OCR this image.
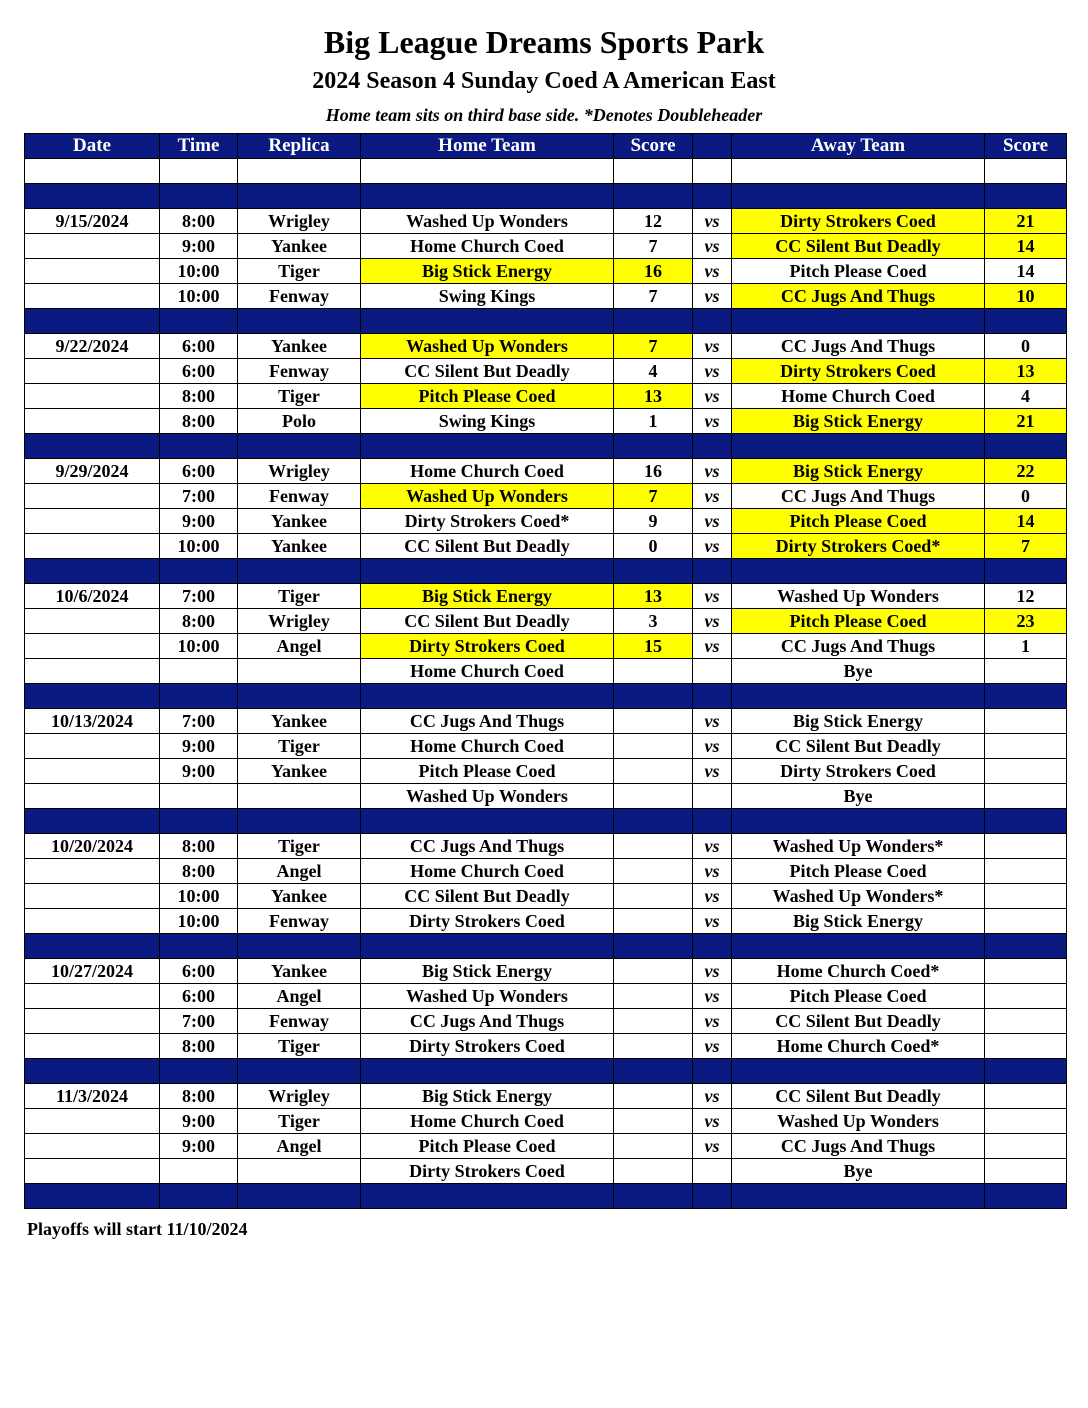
Big League Dreams Sports Park
2024 Season 4 Sunday Coed A American East
Home team sits on third base side. *Denotes Doubleheader
Date	Time	Replica	Home Team	Score		Away Team	Score

9/15/2024	8:00	Wrigley	Washed Up Wonders	12	vs	Dirty Strokers Coed	21
	9:00	Yankee	Home Church Coed	7	vs	CC Silent But Deadly	14
	10:00	Tiger	Big Stick Energy	16	vs	Pitch Please Coed	14
	10:00	Fenway	Swing Kings	7	vs	CC Jugs And Thugs	10

9/22/2024	6:00	Yankee	Washed Up Wonders	7	vs	CC Jugs And Thugs	0
	6:00	Fenway	CC Silent But Deadly	4	vs	Dirty Strokers Coed	13
	8:00	Tiger	Pitch Please Coed	13	vs	Home Church Coed	4
	8:00	Polo	Swing Kings	1	vs	Big Stick Energy	21

9/29/2024	6:00	Wrigley	Home Church Coed	16	vs	Big Stick Energy	22
	7:00	Fenway	Washed Up Wonders	7	vs	CC Jugs And Thugs	0
	9:00	Yankee	Dirty Strokers Coed*	9	vs	Pitch Please Coed	14
	10:00	Yankee	CC Silent But Deadly	0	vs	Dirty Strokers Coed*	7

10/6/2024	7:00	Tiger	Big Stick Energy	13	vs	Washed Up Wonders	12
	8:00	Wrigley	CC Silent But Deadly	3	vs	Pitch Please Coed	23
	10:00	Angel	Dirty Strokers Coed	15	vs	CC Jugs And Thugs	1
			Home Church Coed			Bye	

10/13/2024	7:00	Yankee	CC Jugs And Thugs		vs	Big Stick Energy	
	9:00	Tiger	Home Church Coed		vs	CC Silent But Deadly	
	9:00	Yankee	Pitch Please Coed		vs	Dirty Strokers Coed	
			Washed Up Wonders			Bye	

10/20/2024	8:00	Tiger	CC Jugs And Thugs		vs	Washed Up Wonders*	
	8:00	Angel	Home Church Coed		vs	Pitch Please Coed	
	10:00	Yankee	CC Silent But Deadly		vs	Washed Up Wonders*	
	10:00	Fenway	Dirty Strokers Coed		vs	Big Stick Energy	

10/27/2024	6:00	Yankee	Big Stick Energy		vs	Home Church Coed*	
	6:00	Angel	Washed Up Wonders		vs	Pitch Please Coed	
	7:00	Fenway	CC Jugs And Thugs		vs	CC Silent But Deadly	
	8:00	Tiger	Dirty Strokers Coed		vs	Home Church Coed*	

11/3/2024	8:00	Wrigley	Big Stick Energy		vs	CC Silent But Deadly	
	9:00	Tiger	Home Church Coed		vs	Washed Up Wonders	
	9:00	Angel	Pitch Please Coed		vs	CC Jugs And Thugs	
			Dirty Strokers Coed			Bye	

Playoffs will start 11/10/2024
